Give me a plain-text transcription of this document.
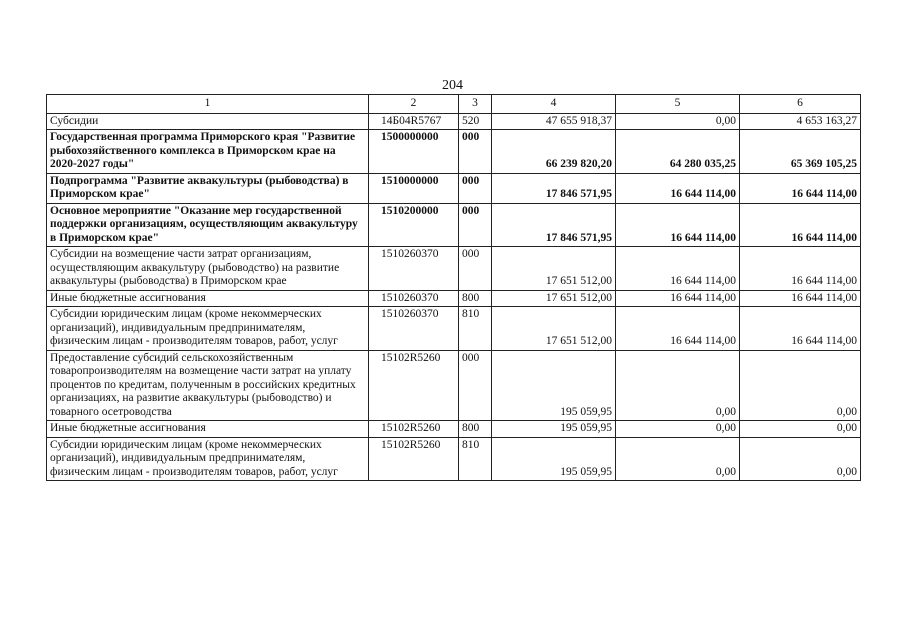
204
1	2	3	4	5	6
Субсидии	14Б04R5767	520	47 655 918,37	0,00	4 653 163,27
Государственная программа Приморского края "Развитие рыбохозяйственного комплекса в Приморском крае на 2020-2027 годы"	1500000000	000	66 239 820,20	64 280 035,25	65 369 105,25
Подпрограмма "Развитие аквакультуры (рыбоводства) в Приморском крае"	1510000000	000	17 846 571,95	16 644 114,00	16 644 114,00
Основное мероприятие "Оказание мер государственной поддержки организациям, осуществляющим аквакультуру в Приморском крае"	1510200000	000	17 846 571,95	16 644 114,00	16 644 114,00
Субсидии на возмещение части затрат организациям, осуществляющим аквакультуру (рыбоводство) на развитие аквакультуры (рыбоводства) в Приморском крае	1510260370	000	17 651 512,00	16 644 114,00	16 644 114,00
Иные бюджетные ассигнования	1510260370	800	17 651 512,00	16 644 114,00	16 644 114,00
Субсидии юридическим лицам (кроме некоммерческих организаций), индивидуальным предпринимателям, физическим лицам - производителям товаров, работ, услуг	1510260370	810	17 651 512,00	16 644 114,00	16 644 114,00
Предоставление субсидий сельскохозяйственным товаропроизводителям на возмещение части затрат на уплату процентов по кредитам, полученным в российских кредитных организациях, на развитие аквакультуры (рыбоводство) и товарного осетроводства	15102R5260	000	195 059,95	0,00	0,00
Иные бюджетные ассигнования	15102R5260	800	195 059,95	0,00	0,00
Субсидии юридическим лицам (кроме некоммерческих организаций), индивидуальным предпринимателям, физическим лицам - производителям товаров, работ, услуг	15102R5260	810	195 059,95	0,00	0,00
